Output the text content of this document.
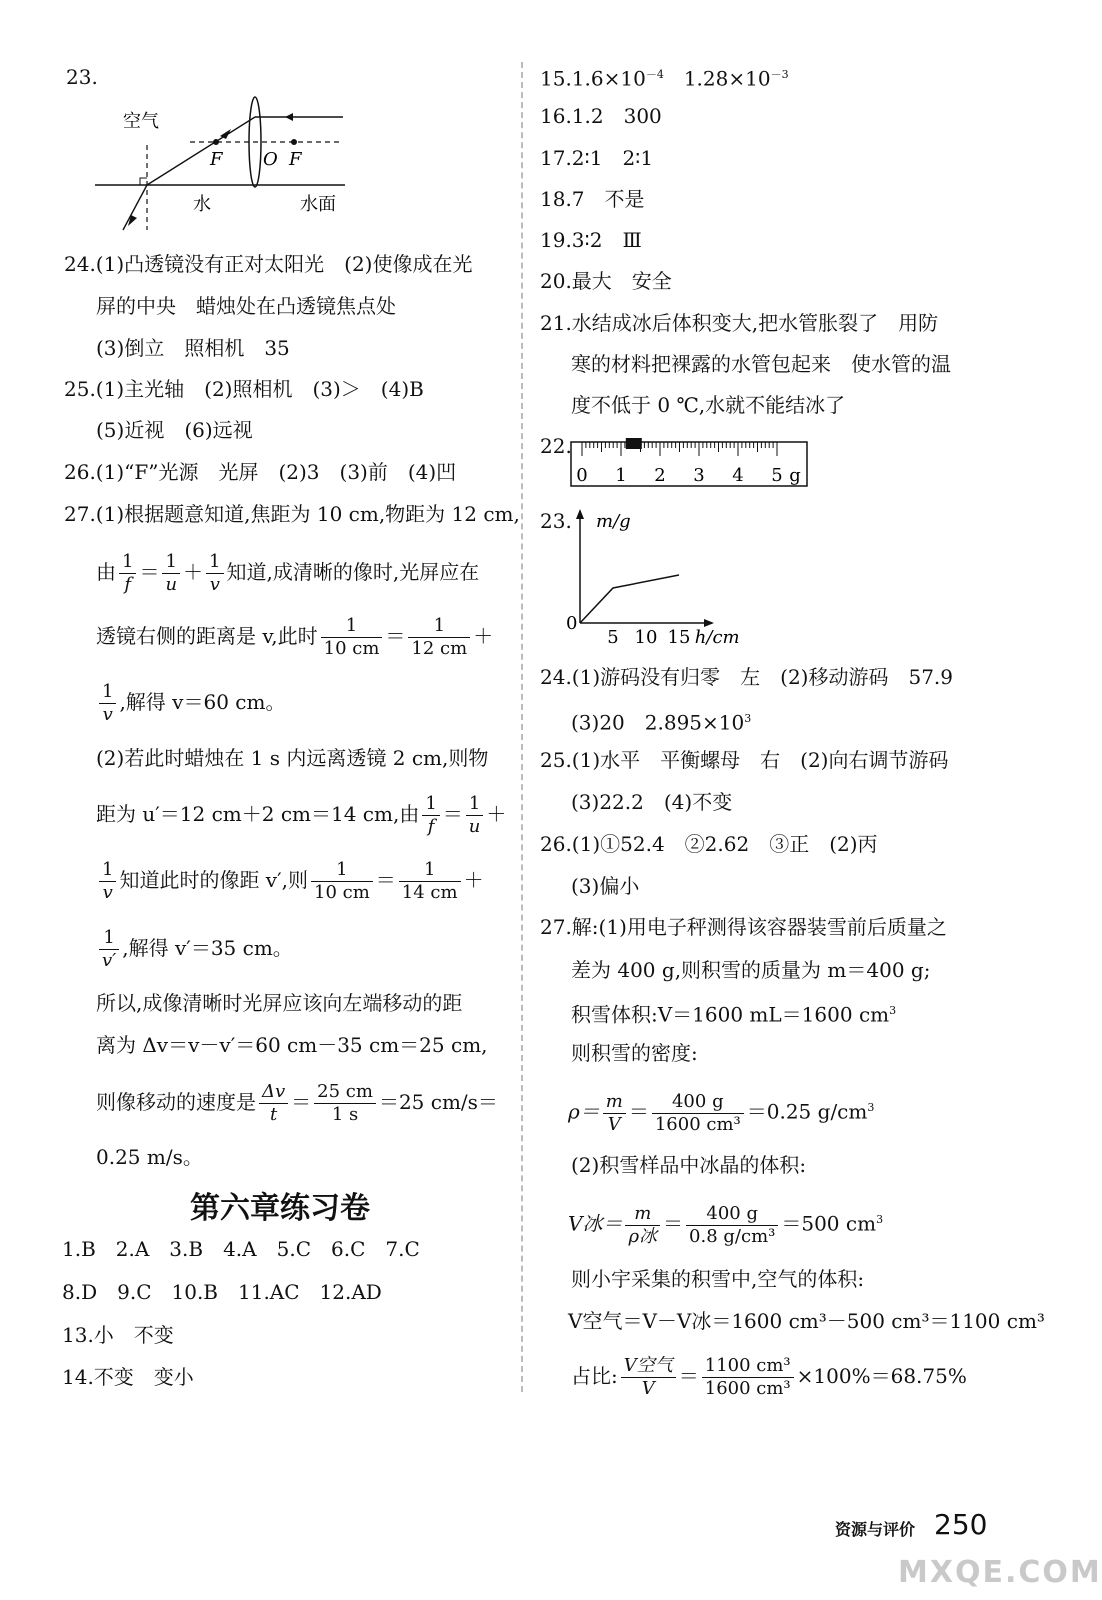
23.
空气
F O F
水	水面
24.(1)凸透镜没有正对太阳光　(2)使像成在光
屏的中央　蜡烛处在凸透镜焦点处
(3)倒立　照相机　35
25.(1)主光轴　(2)照相机　(3)＞　(4)B
(5)近视　(6)远视
26.(1)“F”光源　光屏　(2)3　(3)前　(4)凹
27.(1)根据题意知道,焦距为 10 cm,物距为 12 cm,
由 $\frac{1}{f} = \frac{1}{u} + \frac{1}{v}$ 知道,成清晰的像时,光屏应在
透镜右侧的距离是 v,此时 $\frac{1}{10 cm} = \frac{1}{12 cm}$ ＋
$\frac{1}{v}$ ,解得 v＝60 cm。
(2)若此时蜡烛在 1 s 内远离透镜 2 cm,则物
距为 u′＝12 cm＋2 cm＝14 cm,由 $\frac{1}{f} = \frac{1}{u}$ ＋
$\frac{1}{v}$ 知道此时的像距 v′,则 $\frac{1}{10 cm} = \frac{1}{14 cm}$ ＋
$\frac{1}{v'}$ ,解得 v′＝35 cm。
所以,成像清晰时光屏应该向左端移动的距
离为 Δv＝v－v′＝60 cm－35 cm＝25 cm,
则像移动的速度是 $\frac{\Delta v}{t} = \frac{25 cm}{1 s} =25$ cm/s＝
0.25 m/s。
第六章练习卷
1.B　2.A　3.B　4.A　5.C　6.C　7.C
8.D　9.C　10.B　11.AC　12.AD
13.小　不变
14.不变　变小
$15.1.6\times 10^{-4}$　$1.28\times 10^{-3}$
16.1.2　300
17.2∶1　2∶1
18.7　不是
19.3∶2　Ⅲ
20.最大　安全
21.水结成冰后体积变大,把水管胀裂了　用防
寒的材料把裸露的水管包起来　使水管的温
度不低于 0 ℃,水就不能结冰了
22.
0 1 2 3 4 5 g
23. m/g
0
5 10 15 h/cm
24.(1)游码没有归零　左　(2)移动游码　57.9
(3)20　$2.895\times 10^3$
25.(1)水平　平衡螺母　右　(2)向右调节游码
(3)22.2　(4)不变
26.(1)①52.4　②2.62　③正　(2)丙
(3)偏小
27.解:(1)用电子秤测得该容器装雪前后质量之
差为 400 g,则积雪的质量为 m＝400 g;
积雪体积:V＝1600 mL＝1600 $cm^3$
则积雪的密度:
$\rho= \frac{m}{V} = \frac{400 g}{\text{1600 cm³}} =0.25$ $g/cm^3$
(2)积雪样品中冰晶的体积:
V冰＝ $\frac{m}{\text{ρ冰}} = \frac{400 g}{\text{0.8 g/cm³}} =500$ $cm^3$
则小宇采集的积雪中,空气的体积:
V空气＝V－V冰＝1600 cm³－500 cm³＝1100 cm³
占比: $\frac{\text{V空气}}{V} = \frac{\text{1100 cm³}}{\text{1600 cm³}} \times 100\%=68.75\%$
资源与评价 250
MXQE.COM
